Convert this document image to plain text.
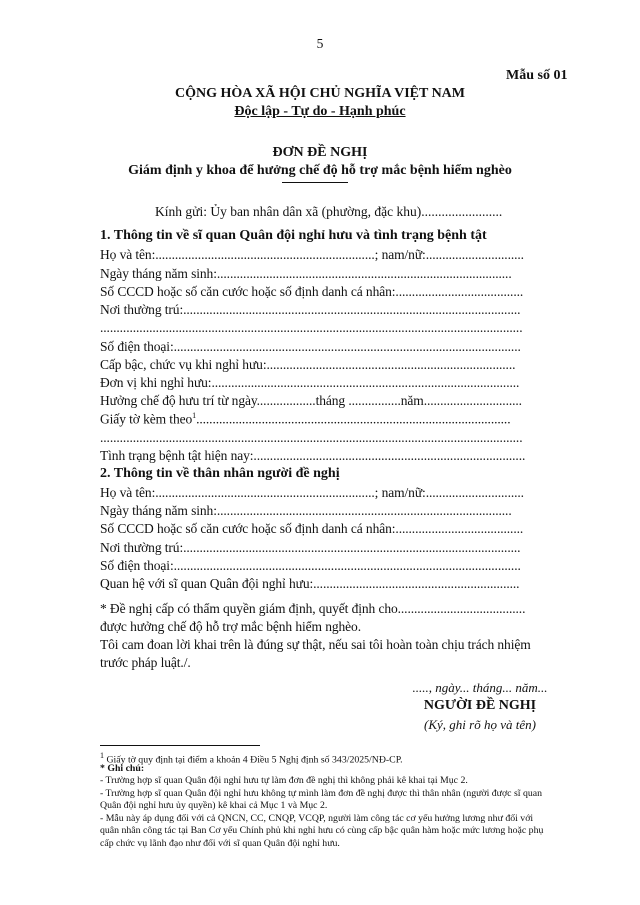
5
Mẫu số 01
CỘNG HÒA XÃ HỘI CHỦ NGHĨA VIỆT NAM
Độc lập - Tự do - Hạnh phúc
ĐƠN ĐỀ NGHỊ
Giám định y khoa để hưởng chế độ hỗ trợ mắc bệnh hiểm nghèo
Kính gửi: Ủy ban nhân dân xã (phường, đặc khu)........................
1. Thông tin về sĩ quan Quân đội nghỉ hưu và tình trạng bệnh tật
Họ và tên:...................................................................; nam/nữ:..............................
Ngày tháng năm sinh:..........................................................................................
Số CCCD hoặc số căn cước hoặc số định danh cá nhân:.......................................
Nơi thường trú:.......................................................................................................
.................................................................................................................................
Số điện thoại:..........................................................................................................
Cấp bậc, chức vụ khi nghỉ hưu:............................................................................
Đơn vị khi nghỉ hưu:..............................................................................................
Hưởng chế độ hưu trí từ ngày..................tháng ................năm..............................
Giấy tờ kèm theo$^1$................................................................................................
.................................................................................................................................
Tình trạng bệnh tật hiện nay:...................................................................................
2. Thông tin về thân nhân người đề nghị
Họ và tên:...................................................................; nam/nữ:..............................
Ngày tháng năm sinh:..........................................................................................
Số CCCD hoặc số căn cước hoặc số định danh cá nhân:.......................................
Nơi thường trú:.......................................................................................................
Số điện thoại:..........................................................................................................
Quan hệ với sĩ quan Quân đội nghỉ hưu:...............................................................
* Đề nghị cấp có thẩm quyền giám định, quyết định cho.......................................
được hưởng chế độ hỗ trợ mắc bệnh hiểm nghèo.
Tôi cam đoan lời khai trên là đúng sự thật, nếu sai tôi hoàn toàn chịu trách nhiệm
trước pháp luật./.
....., ngày... tháng... năm...
NGƯỜI ĐỀ NGHỊ
(Ký, ghi rõ họ và tên)
$^1$ Giấy tờ quy định tại điểm a khoản 4 Điều 5 Nghị định số 343/2025/NĐ-CP.
* Ghi chú:
- Trường hợp sĩ quan Quân đội nghỉ hưu tự làm đơn đề nghị thì không phải kê khai tại Mục 2.
- Trường hợp sĩ quan Quân đội nghỉ hưu không tự mình làm đơn đề nghị được thì thân nhân (người được sĩ quan
Quân đội nghỉ hưu ủy quyền) kê khai cả Mục 1 và Mục 2.
- Mẫu này áp dụng đối với cả QNCN, CC, CNQP, VCQP, người làm công tác cơ yếu hưởng lương như đối với
quân nhân công tác tại Ban Cơ yếu Chính phủ khi nghỉ hưu có cùng cấp bậc quân hàm hoặc mức lương hoặc phụ
cấp chức vụ lãnh đạo như đối với sĩ quan Quân đội nghỉ hưu.
